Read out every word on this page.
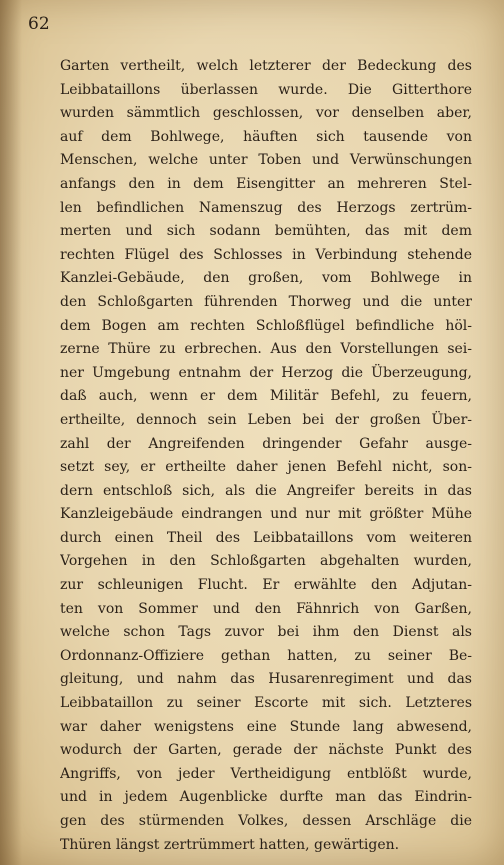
62
Garten vertheilt, welch letzterer der Bedeckung des
Leibbataillons überlassen wurde. Die Gitterthore
wurden sämmtlich geschlossen, vor denselben aber,
auf dem Bohlwege, häuften sich tausende von
Menschen, welche unter Toben und Verwünschungen
anfangs den in dem Eisengitter an mehreren Stel-
len befindlichen Namenszug des Herzogs zertrüm-
merten und sich sodann bemühten, das mit dem
rechten Flügel des Schlosses in Verbindung stehende
Kanzlei-Gebäude, den großen, vom Bohlwege in
den Schloßgarten führenden Thorweg und die unter
dem Bogen am rechten Schloßflügel befindliche höl-
zerne Thüre zu erbrechen. Aus den Vorstellungen sei-
ner Umgebung entnahm der Herzog die Überzeugung,
daß auch, wenn er dem Militär Befehl, zu feuern,
ertheilte, dennoch sein Leben bei der großen Über-
zahl der Angreifenden dringender Gefahr ausge-
setzt sey, er ertheilte daher jenen Befehl nicht, son-
dern entschloß sich, als die Angreifer bereits in das
Kanzleigebäude eindrangen und nur mit größter Mühe
durch einen Theil des Leibbataillons vom weiteren
Vorgehen in den Schloßgarten abgehalten wurden,
zur schleunigen Flucht. Er erwählte den Adjutan-
ten von Sommer und den Fähnrich von Garßen,
welche schon Tags zuvor bei ihm den Dienst als
Ordonnanz-Offiziere gethan hatten, zu seiner Be-
gleitung, und nahm das Husarenregiment und das
Leibbataillon zu seiner Escorte mit sich. Letzteres
war daher wenigstens eine Stunde lang abwesend,
wodurch der Garten, gerade der nächste Punkt des
Angriffs, von jeder Vertheidigung entblößt wurde,
und in jedem Augenblicke durfte man das Eindrin-
gen des stürmenden Volkes, dessen Arschläge die
Thüren längst zertrümmert hatten, gewärtigen.
